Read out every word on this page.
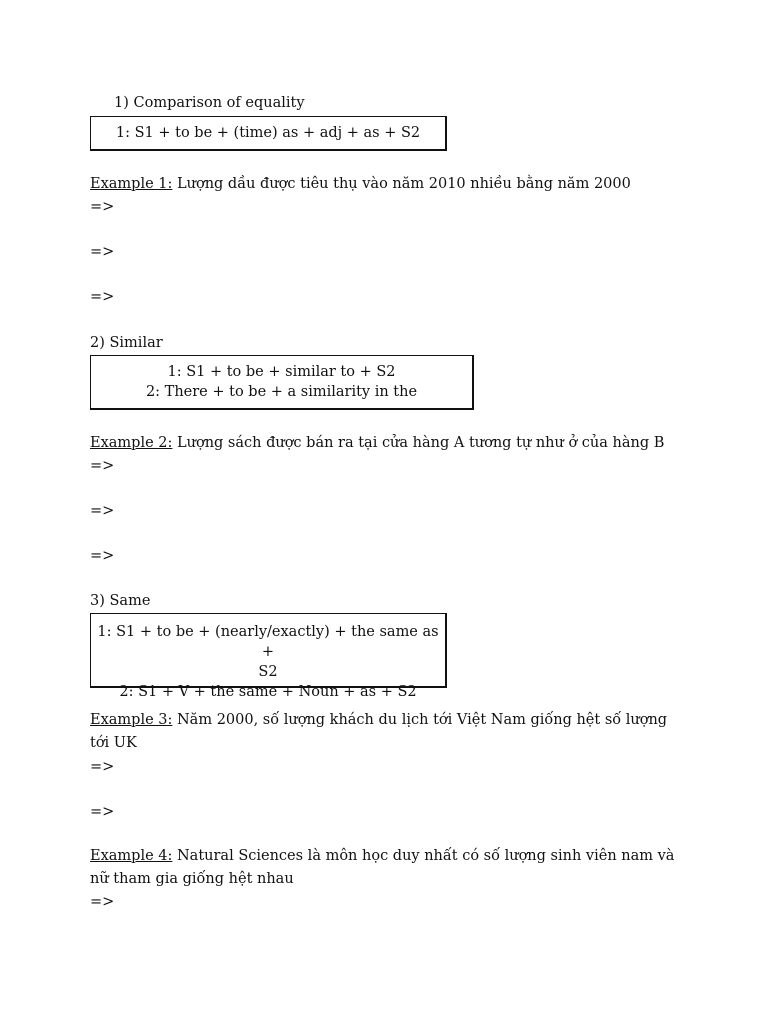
1) Comparison of equality
1: S1 + to be + (time) as + adj + as + S2
Example 1: Lượng dầu được tiêu thụ vào năm 2010 nhiều bằng năm 2000
=>
=>
=>
2) Similar
1: S1 + to be + similar to + S2
2: There + to be + a similarity in the
Example 2: Lượng sách được bán ra tại cửa hàng A tương tự như ở của hàng B
=>
=>
=>
3) Same
1: S1 + to be + (nearly/exactly) + the same as +
S2
2: S1 + V + the same + Noun + as + S2
Example 3: Năm 2000, số lượng khách du lịch tới Việt Nam giống hệt số lượng tới UK
=>
=>
Example 4: Natural Sciences là môn học duy nhất có số lượng sinh viên nam và nữ tham gia giống hệt nhau
=>
